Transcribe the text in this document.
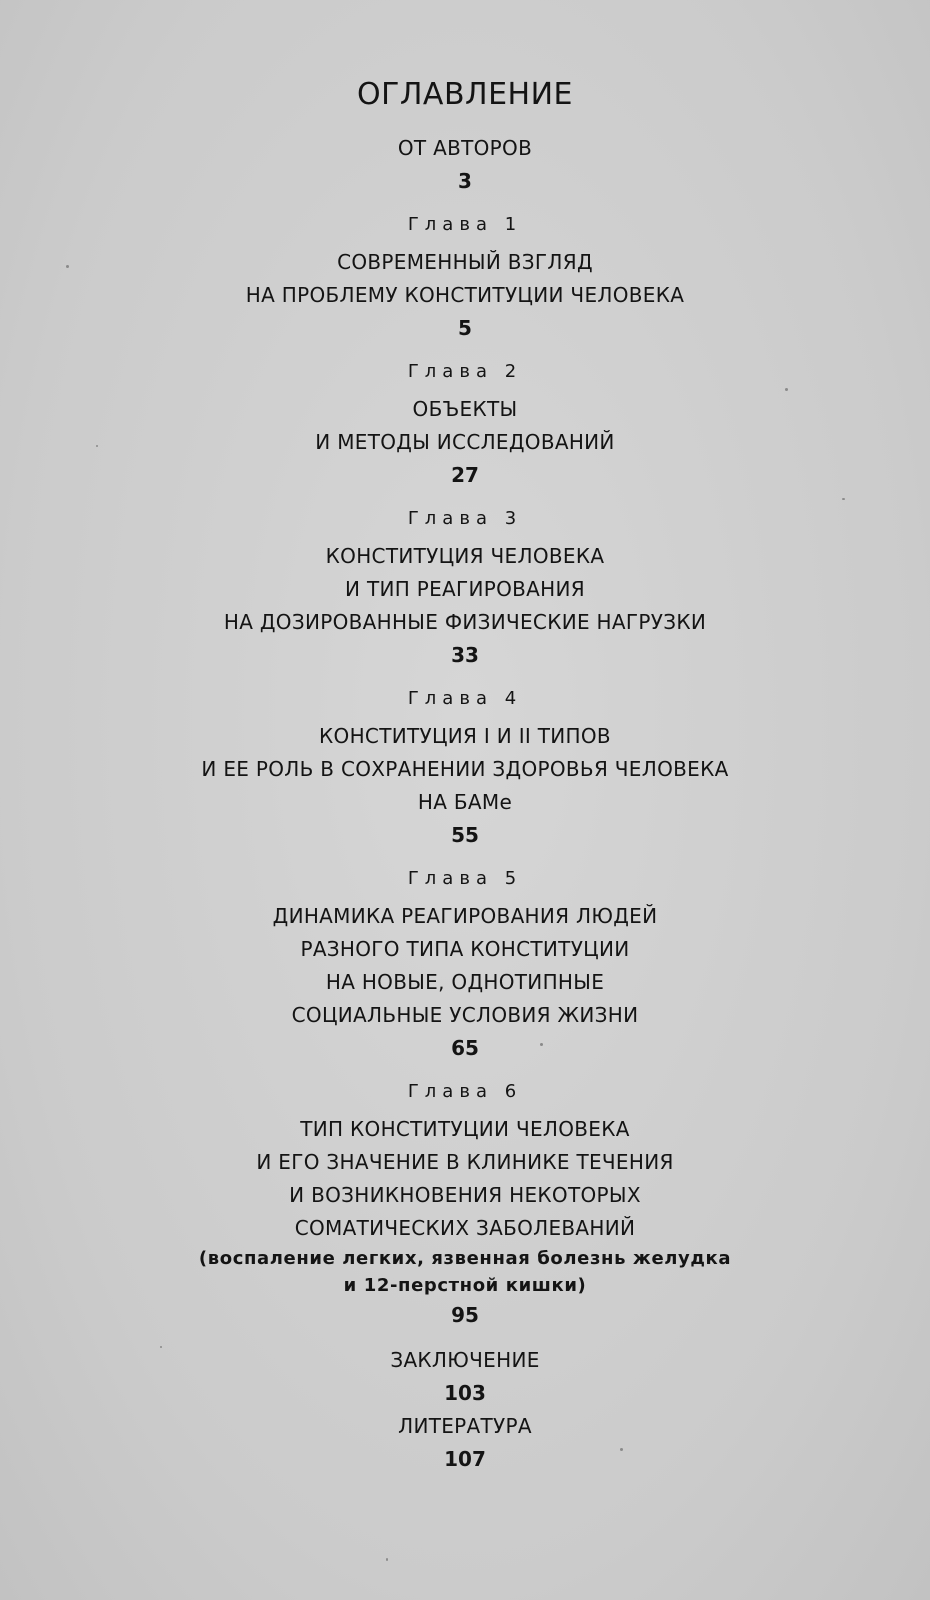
ОГЛАВЛЕНИЕ
ОТ АВТОРОВ
3
Глава 1
СОВРЕМЕННЫЙ ВЗГЛЯД
НА ПРОБЛЕМУ КОНСТИТУЦИИ ЧЕЛОВЕКА
5
Глава 2
ОБЪЕКТЫ
И МЕТОДЫ ИССЛЕДОВАНИЙ
27
Глава 3
КОНСТИТУЦИЯ ЧЕЛОВЕКА
И ТИП РЕАГИРОВАНИЯ
НА ДОЗИРОВАННЫЕ ФИЗИЧЕСКИЕ НАГРУЗКИ
33
Глава 4
КОНСТИТУЦИЯ I И II ТИПОВ
И ЕЕ РОЛЬ В СОХРАНЕНИИ ЗДОРОВЬЯ ЧЕЛОВЕКА
НА БАМе
55
Глава 5
ДИНАМИКА РЕАГИРОВАНИЯ ЛЮДЕЙ
РАЗНОГО ТИПА КОНСТИТУЦИИ
НА НОВЫЕ, ОДНОТИПНЫЕ
СОЦИАЛЬНЫЕ УСЛОВИЯ ЖИЗНИ
65
Глава 6
ТИП КОНСТИТУЦИИ ЧЕЛОВЕКА
И ЕГО ЗНАЧЕНИЕ В КЛИНИКЕ ТЕЧЕНИЯ
И ВОЗНИКНОВЕНИЯ НЕКОТОРЫХ
СОМАТИЧЕСКИХ ЗАБОЛЕВАНИЙ
(воспаление легких, язвенная болезнь желудка
и 12-перстной кишки)
95
ЗАКЛЮЧЕНИЕ
103
ЛИТЕРАТУРА
107
